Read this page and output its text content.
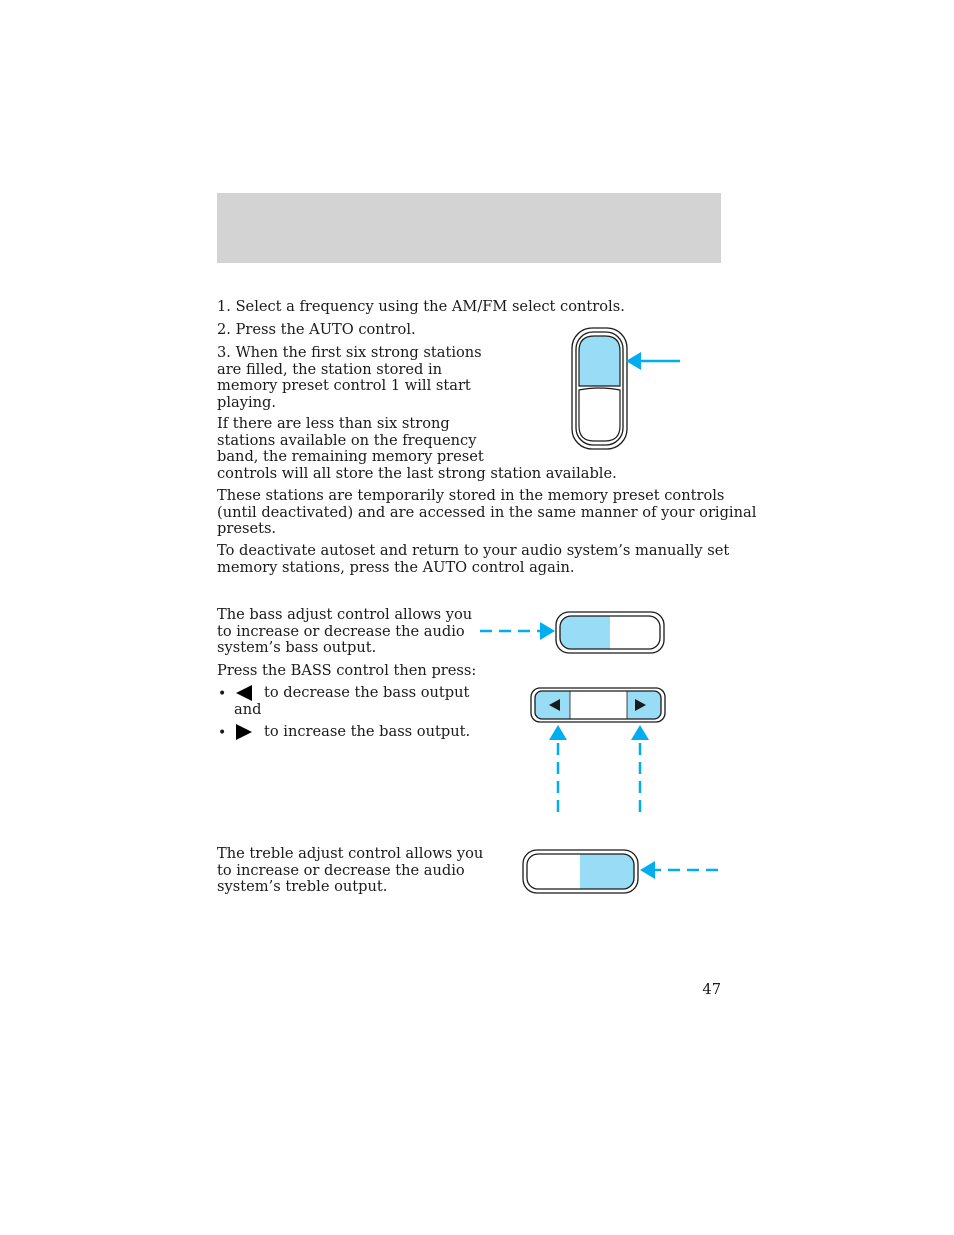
1. Select a frequency using the AM/FM select controls.

2. Press the AUTO control.

3. When the first six strong stations

are filled, the station stored in

memory preset control 1 will start

playing.

If there are less than six strong

stations available on the frequency

band, the remaining memory preset

controls will all store the last strong station available.

These stations are temporarily stored in the memory preset controls

(until deactivated) and are accessed in the same manner of your original

presets.

To deactivate autoset and return to your audio system’s manually set

memory stations, press the AUTO control again.

The bass adjust control allows you

to increase or decrease the audio

system’s bass output.

Press the BASS control then press:

•	to decrease the bass output

and

•	to increase the bass output.

The treble adjust control allows you

to increase or decrease the audio

system’s treble output.

47
